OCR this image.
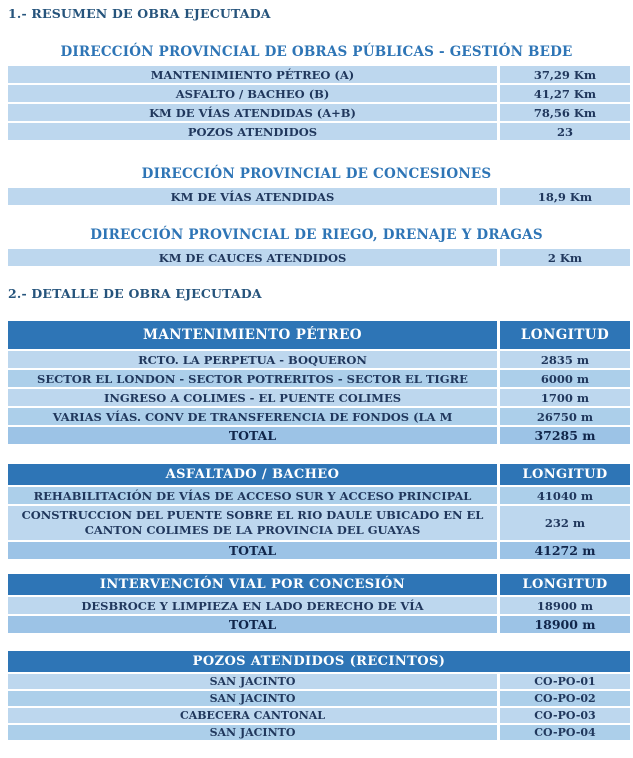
1.- RESUMEN DE OBRA EJECUTADA
DIRECCIÓN PROVINCIAL DE OBRAS PÚBLICAS - GESTIÓN BEDE
MANTENIMIENTO PÉTREO (A)	37,29 Km
ASFALTO / BACHEO (B)	41,27 Km
KM DE VÍAS ATENDIDAS (A+B)	78,56 Km
POZOS ATENDIDOS	23
DIRECCIÓN PROVINCIAL DE CONCESIONES
KM DE VÍAS ATENDIDAS	18,9 Km
DIRECCIÓN PROVINCIAL DE RIEGO, DRENAJE Y DRAGAS
KM DE CAUCES ATENDIDOS	2 Km
2.- DETALLE DE OBRA EJECUTADA
MANTENIMIENTO PÉTREO	LONGITUD
RCTO. LA PERPETUA - BOQUERON	2835 m
SECTOR EL LONDON - SECTOR POTRERITOS - SECTOR EL TIGRE	6000 m
INGRESO A COLIMES - EL PUENTE COLIMES	1700 m
VARIAS VÍAS. CONV DE TRANSFERENCIA DE FONDOS (LA M	26750 m
TOTAL	37285 m
ASFALTADO / BACHEO	LONGITUD
REHABILITACIÓN DE VÍAS DE ACCESO SUR Y ACCESO PRINCIPAL	41040 m
CONSTRUCCION DEL PUENTE SOBRE EL RIO DAULE UBICADO EN EL CANTON COLIMES DE LA PROVINCIA DEL GUAYAS	232 m
TOTAL	41272 m
INTERVENCIÓN VIAL POR CONCESIÓN	LONGITUD
DESBROCE Y LIMPIEZA EN LADO DERECHO DE VÍA	18900 m
TOTAL	18900 m
POZOS ATENDIDOS (RECINTOS)
SAN JACINTO	CO-PO-01
SAN JACINTO	CO-PO-02
CABECERA CANTONAL	CO-PO-03
SAN JACINTO	CO-PO-04
